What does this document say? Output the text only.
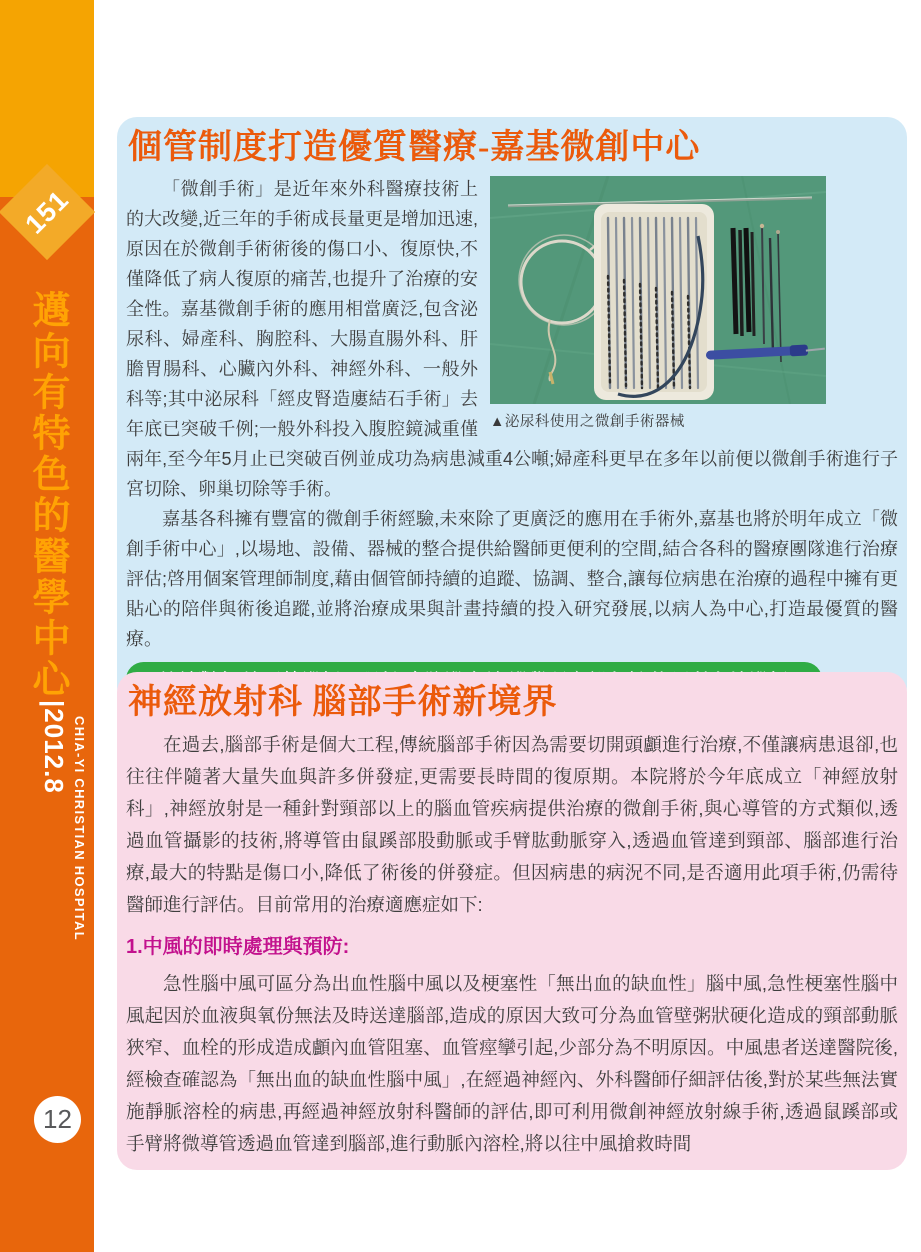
151
邁向有特色的醫學中心
|2012.8 CHIA-YI CHRISTIAN HOSPITAL
12
個管制度打造優質醫療-嘉基微創中心
▲泌尿科使用之微創手術器械

「微創手術」是近年來外科醫療技術上的大改變,近三年的手術成長量更是增加迅速,原因在於微創手術術後的傷口小、復原快,不僅降低了病人復原的痛苦,也提升了治療的安全性。嘉基微創手術的應用相當廣泛,包含泌尿科、婦產科、胸腔科、大腸直腸外科、肝膽胃腸科、心臟內外科、神經外科、一般外科等;其中泌尿科「經皮腎造廔結石手術」去年底已突破千例;一般外科投入腹腔鏡減重僅兩年,至今年5月止已突破百例並成功為病患減重4公噸;婦產科更早在多年以前便以微創手術進行子宮切除、卵巢切除等手術。

嘉基各科擁有豐富的微創手術經驗,未來除了更廣泛的應用在手術外,嘉基也將於明年成立「微創手術中心」,以場地、設備、器械的整合提供給醫師更便利的空間,結合各科的醫療團隊進行治療評估;啓用個案管理師制度,藉由個管師持續的追蹤、協調、整合,讓每位病患在治療的過程中擁有更貼心的陪伴與術後追蹤,並將治療成果與計畫持續的投入研究發展,以病人為中心,打造最優質的醫療。

神經放射科 腦部手術新境界

在過去,腦部手術是個大工程,傳統腦部手術因為需要切開頭顱進行治療,不僅讓病患退卻,也往往伴隨著大量失血與許多併發症,更需要長時間的復原期。本院將於今年底成立「神經放射科」,神經放射是一種針對頸部以上的腦血管疾病提供治療的微創手術,與心導管的方式類似,透過血管攝影的技術,將導管由鼠蹊部股動脈或手臂肱動脈穿入,透過血管達到頸部、腦部進行治療,最大的特點是傷口小,降低了術後的併發症。但因病患的病況不同,是否適用此項手術,仍需待醫師進行評估。目前常用的治療適應症如下:

1.中風的即時處理與預防:

急性腦中風可區分為出血性腦中風以及梗塞性「無出血的缺血性」腦中風,急性梗塞性腦中風起因於血液與氧份無法及時送達腦部,造成的原因大致可分為血管壁粥狀硬化造成的頸部動脈狹窄、血栓的形成造成顱內血管阻塞、血管痙攣引起,少部分為不明原因。中風患者送達醫院後,經檢查確認為「無出血的缺血性腦中風」,在經過神經內、外科醫師仔細評估後,對於某些無法實施靜脈溶栓的病患,再經過神經放射科醫師的評估,即可利用微創神經放射線手術,透過鼠蹊部或手臂將微導管透過血管達到腦部,進行動脈內溶栓,將以往中風搶救時間
